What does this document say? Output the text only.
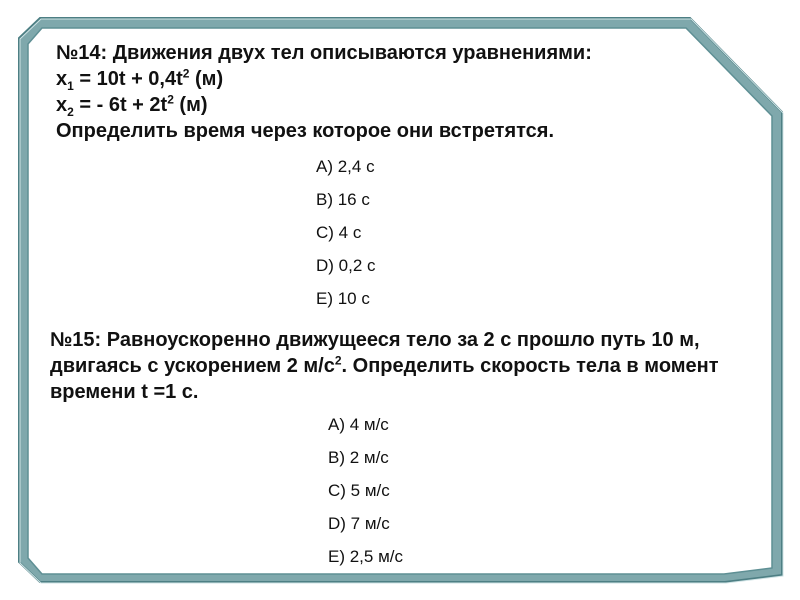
№14: Движения двух тел описываются уравнениями:
$x_1 = 10t + 0,4t^2$ (м)
$x_2$ = - $6t + 2t^2$ (м)
Определить время через которое они встретятся.
A) 2,4 с
B) 16 с
C) 4 с
D) 0,2 с
E) 10 с
№15: Равноускоренно движущееся тело за 2 с прошло путь 10 м, двигаясь с ускорением 2 $м/с^2$. Определить скорость тела в момент времени t =1 с.
A) 4 м/с
B) 2 м/с
C) 5 м/с
D) 7 м/с
E) 2,5 м/с
